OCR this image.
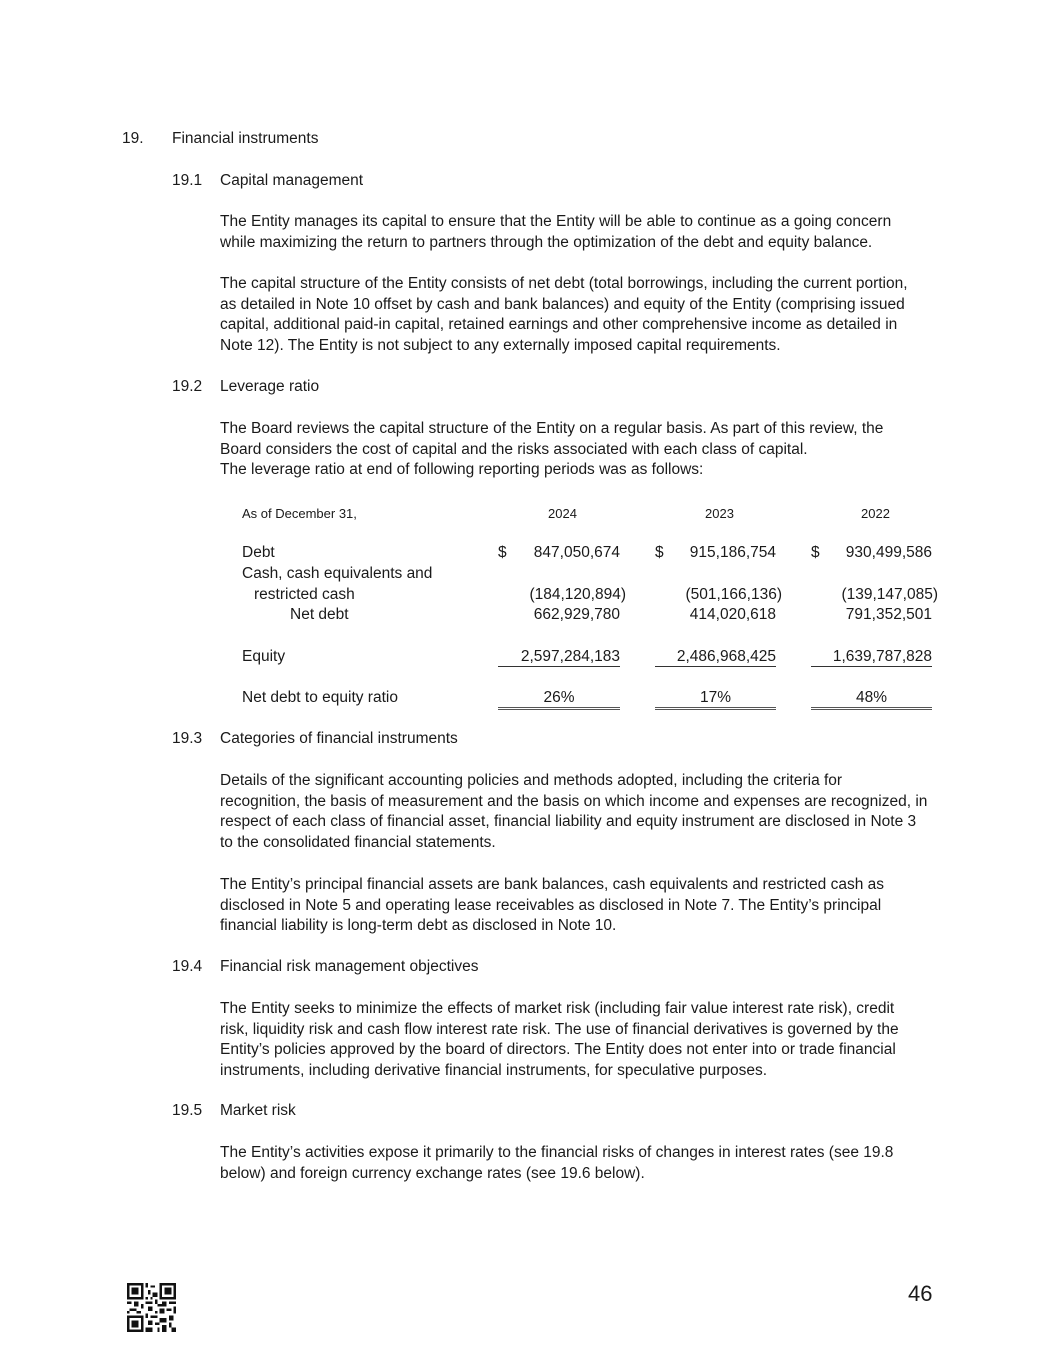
19. Financial instruments
19.1 Capital management
The Entity manages its capital to ensure that the Entity will be able to continue as a going concern
while maximizing the return to partners through the optimization of the debt and equity balance.
The capital structure of the Entity consists of net debt (total borrowings, including the current portion,
as detailed in Note 10 offset by cash and bank balances) and equity of the Entity (comprising issued
capital, additional paid-in capital, retained earnings and other comprehensive income as detailed in
Note 12). The Entity is not subject to any externally imposed capital requirements.
19.2 Leverage ratio
The Board reviews the capital structure of the Entity on a regular basis. As part of this review, the
Board considers the cost of capital and the risks associated with each class of capital.
The leverage ratio at end of following reporting periods was as follows:
As of December 31,	2024	2023	2022
Debt	$	847,050,674 $	915,186,754 $	930,499,586
Cash, cash equivalents and
restricted cash	(184,120,894)	(501,166,136)	(139,147,085)
Net debt	662,929,780	414,020,618	791,352,501
Equity	2,597,284,183	2,486,968,425	1,639,787,828
Net debt to equity ratio	26%	17%	48%
19.3 Categories of financial instruments
Details of the significant accounting policies and methods adopted, including the criteria for
recognition, the basis of measurement and the basis on which income and expenses are recognized, in
respect of each class of financial asset, financial liability and equity instrument are disclosed in Note 3
to the consolidated financial statements.
The Entity’s principal financial assets are bank balances, cash equivalents and restricted cash as
disclosed in Note 5 and operating lease receivables as disclosed in Note 7. The Entity’s principal
financial liability is long-term debt as disclosed in Note 10.
19.4 Financial risk management objectives
The Entity seeks to minimize the effects of market risk (including fair value interest rate risk), credit
risk, liquidity risk and cash flow interest rate risk. The use of financial derivatives is governed by the
Entity’s policies approved by the board of directors. The Entity does not enter into or trade financial
instruments, including derivative financial instruments, for speculative purposes.
19.5 Market risk
The Entity’s activities expose it primarily to the financial risks of changes in interest rates (see 19.8
below) and foreign currency exchange rates (see 19.6 below).
46
